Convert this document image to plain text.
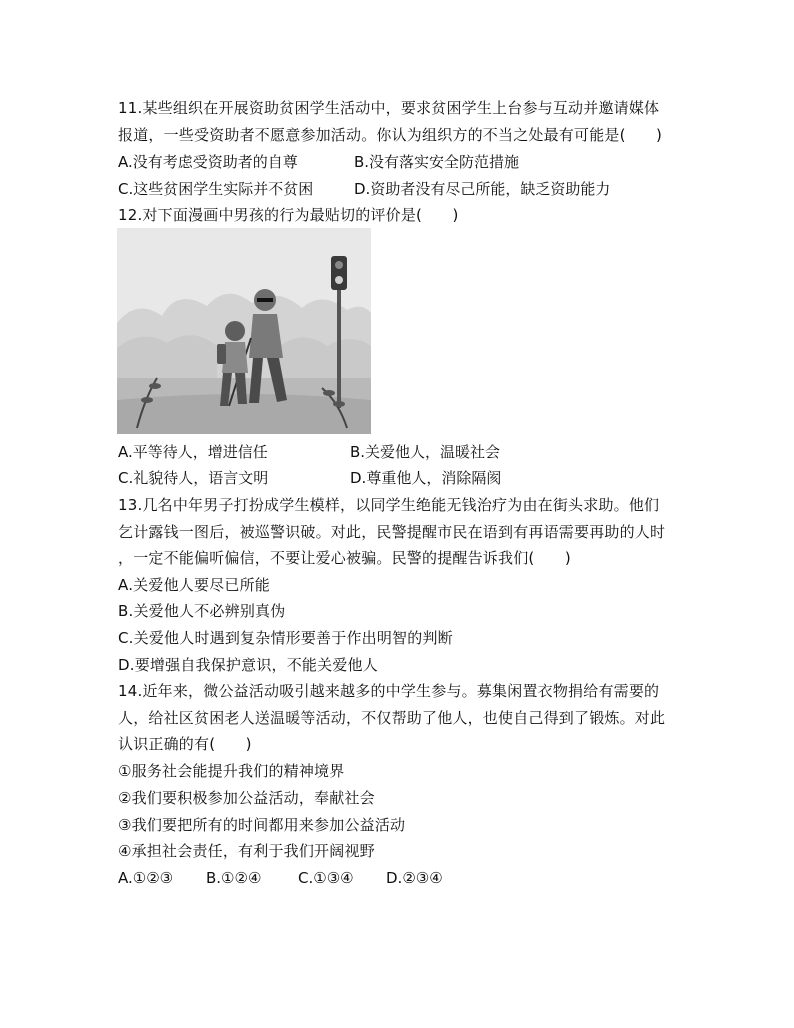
11.某些组织在开展资助贫困学生活动中，要求贫困学生上台参与互动并邀请媒体
报道，一些受资助者不愿意参加活动。你认为组织方的不当之处最有可能是(　　)
A.没有考虑受资助者的自尊	B.没有落实安全防范措施
C.这些贫困学生实际并不贫困	D.资助者没有尽己所能，缺乏资助能力
12.对下面漫画中男孩的行为最贴切的评价是(　　)
A.平等待人，增进信任	B.关爱他人，温暖社会
C.礼貌待人，语言文明	D.尊重他人，消除隔阂
13.几名中年男子打扮成学生模样，以同学生绝能无钱治疗为由在街头求助。他们
乞计露钱一图后，被巡警识破。对此，民警提醒市民在语到有再语需要再助的人时
，一定不能偏听偏信，不要让爱心被骗。民警的提醒告诉我们(　　)
A.关爱他人要尽已所能
B.关爱他人不必辨别真伪
C.关爱他人时遇到复杂情形要善于作出明智的判断
D.要增强自我保护意识，不能关爱他人
14.近年来，微公益活动吸引越来越多的中学生参与。募集闲置衣物捐给有需要的
人，给社区贫困老人送温暖等活动，不仅帮助了他人，也使自己得到了锻炼。对此
认识正确的有(　　)
①服务社会能提升我们的精神境界
②我们要积极参加公益活动，奉献社会
③我们要把所有的时间都用来参加公益活动
④承担社会责任，有利于我们开阔视野
A.①②③ B.①②④ C.①③④ D.②③④
